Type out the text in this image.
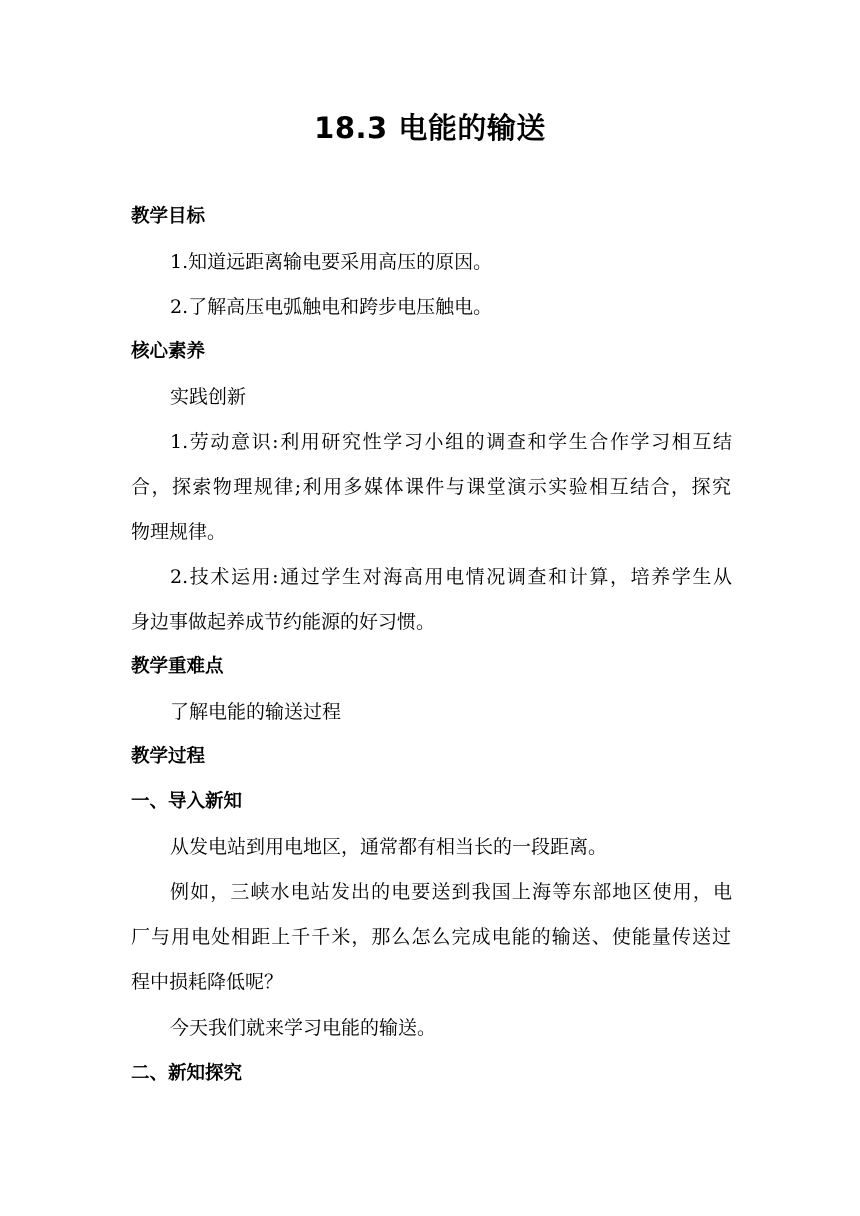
18.3 电能的输送
教学目标
1.知道远距离输电要采用高压的原因。
2.了解高压电弧触电和跨步电压触电。
核心素养
实践创新
1.劳动意识:利用研究性学习小组的调查和学生合作学习相互结
合，探索物理规律;利用多媒体课件与课堂演示实验相互结合，探究
物理规律。
2.技术运用:通过学生对海高用电情况调查和计算，培养学生从
身边事做起养成节约能源的好习惯。
教学重难点
了解电能的输送过程
教学过程
一、导入新知
从发电站到用电地区，通常都有相当长的一段距离。
例如，三峡水电站发出的电要送到我国上海等东部地区使用，电
厂与用电处相距上千千米，那么怎么完成电能的输送、使能量传送过
程中损耗降低呢？
今天我们就来学习电能的输送。
二、新知探究
